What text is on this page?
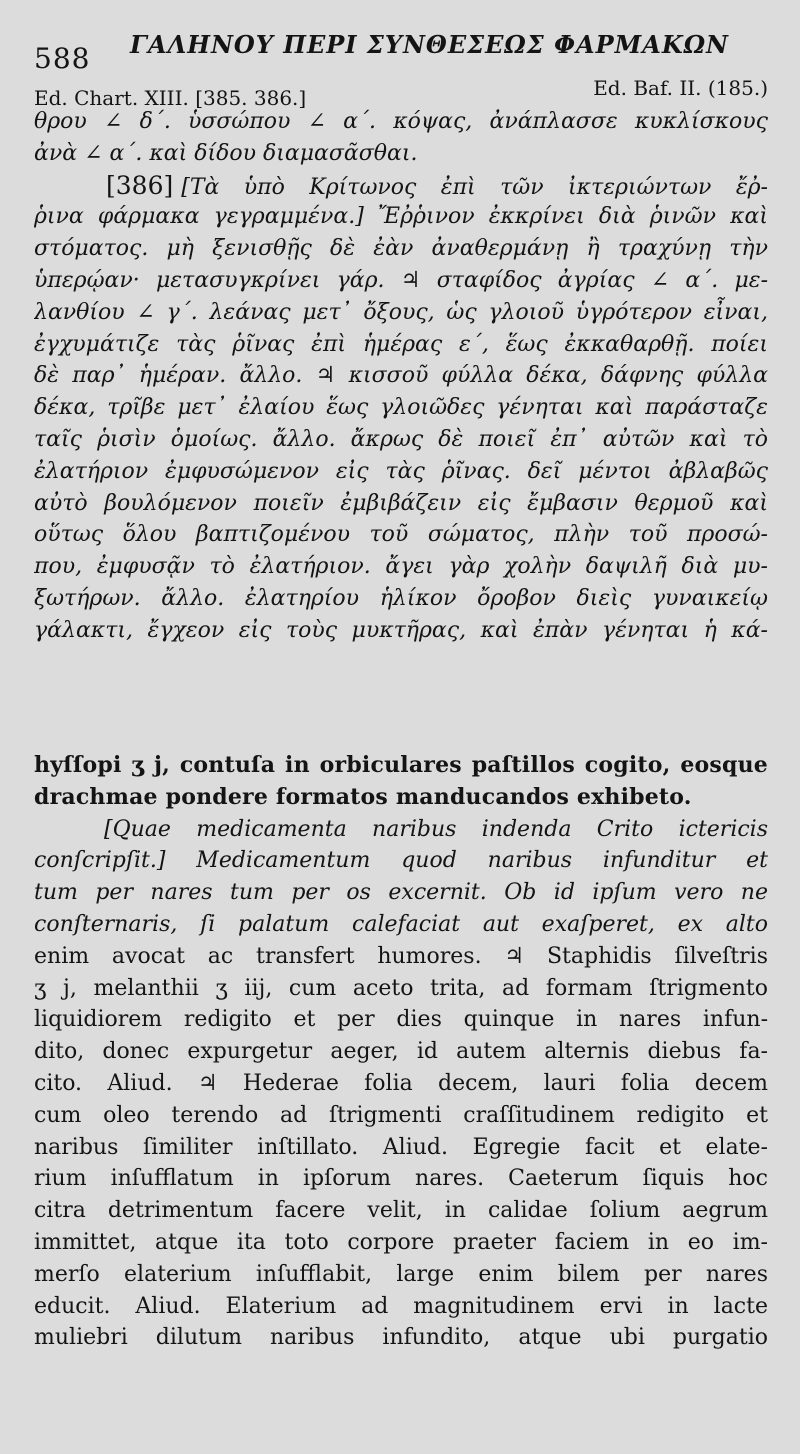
588 ΓΑΛΗΝΟΥ ΠΕΡΙ ΣΥΝΘΕΣΕΩΣ ΦΑΡΜΑΚΩΝ
Ed. Chart. XIII. [385. 386.]	Ed. Baf. II. (185.)
θρου ∠ δ΄. ὑσσώπου ∠ α΄. κόψας, ἀνάπλασσε κυκλίσκους
ἀνὰ ∠ α΄. καὶ δίδου διαμασᾶσθαι.
[386] [Τὰ ὑπὸ Κρίτωνος ἐπὶ τῶν ἰκτεριώντων ἔῤ-
ῥινα φάρμακα γεγραμμένα.] Ἔῤῥινον ἐκκρίνει διὰ ῥινῶν καὶ
στόματος. μὴ ξενισθῇς δὲ ἐὰν ἀναθερμάνῃ ἢ τραχύνῃ τὴν
ὑπερῴαν· μετασυγκρίνει γάρ. ♃ σταφίδος ἀγρίας ∠ α΄. με-
λανθίου ∠ γ΄. λεάνας μετ᾽ ὄξους, ὡς γλοιοῦ ὑγρότερον εἶναι,
ἐγχυμάτιζε τὰς ῥῖνας ἐπὶ ἡμέρας ε΄, ἕως ἐκκαθαρθῇ. ποίει
δὲ παρ᾽ ἡμέραν. ἄλλο. ♃ κισσοῦ φύλλα δέκα, δάφνης φύλλα
δέκα, τρῖβε μετ᾽ ἐλαίου ἕως γλοιῶδες γένηται καὶ παράσταζε
ταῖς ῥισὶν ὁμοίως. ἄλλο. ἄκρως δὲ ποιεῖ ἐπ᾽ αὐτῶν καὶ τὸ
ἐλατήριον ἐμφυσώμενον εἰς τὰς ῥῖνας. δεῖ μέντοι ἀβλαβῶς
αὐτὸ βουλόμενον ποιεῖν ἐμβιβάζειν εἰς ἔμβασιν θερμοῦ καὶ
οὕτως ὅλου βαπτιζομένου τοῦ σώματος, πλὴν τοῦ προσώ-
που, ἐμφυσᾷν τὸ ἐλατήριον. ἄγει γὰρ χολὴν δαψιλῆ διὰ μυ-
ξωτήρων. ἄλλο. ἐλατηρίου ἡλίκον ὄροβον διεὶς γυναικείῳ
γάλακτι, ἔγχεον εἰς τοὺς μυκτῆρας, καὶ ἐπὰν γένηται ἡ κά-
hyſſopi ʒ j, contuſa in orbiculares paſtillos cogito, eosque
drachmae pondere formatos manducandos exhibeto.
[Quae medicamenta naribus indenda Crito ictericis
conſcripſit.] Medicamentum quod naribus infunditur et
tum per nares tum per os excernit. Ob id ipſum vero ne
conſternaris, ſi palatum calefaciat aut exaſperet, ex alto
enim avocat ac transfert humores. ♃ Staphidis ſilveſtris
ʒ j, melanthii ʒ iij, cum aceto trita, ad formam ſtrigmento
liquidiorem redigito et per dies quinque in nares infun-
dito, donec expurgetur aeger, id autem alternis diebus fa-
cito. Aliud. ♃ Hederae folia decem, lauri folia decem
cum oleo terendo ad ſtrigmenti craſſitudinem redigito et
naribus ſimiliter inſtillato. Aliud. Egregie facit et elate-
rium inſufflatum in ipſorum nares. Caeterum ſiquis hoc
citra detrimentum facere velit, in calidae ſolium aegrum
immittet, atque ita toto corpore praeter faciem in eo im-
merſo elaterium inſufflabit, large enim bilem per nares
educit. Aliud. Elaterium ad magnitudinem ervi in lacte
muliebri dilutum naribus infundito, atque ubi purgatio
